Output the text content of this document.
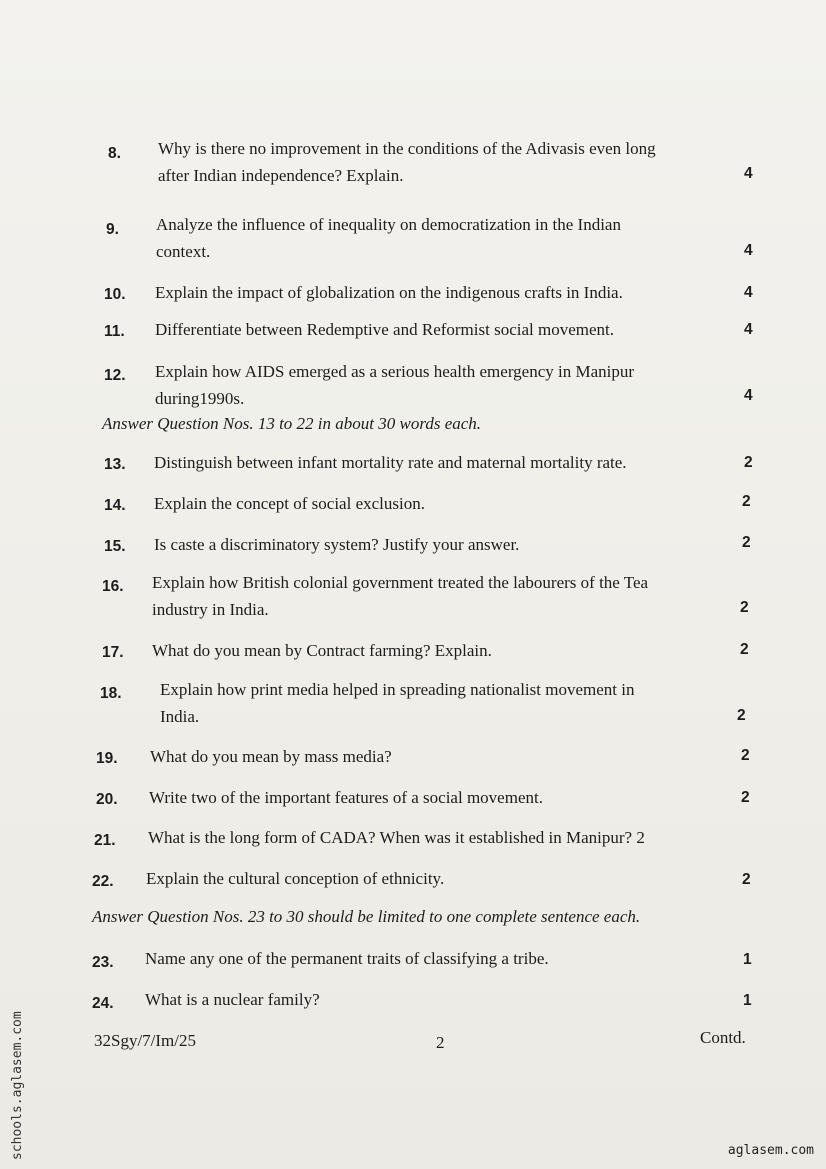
8. Why is there no improvement in the conditions of the Adivasis even long
after Indian independence? Explain.	4
9. Analyze the influence of inequality on democratization in the Indian
context.	4
10. Explain the impact of globalization on the indigenous crafts in India.	4
11. Differentiate between Redemptive and Reformist social movement.	4
12. Explain how AIDS emerged as a serious health emergency in Manipur
during1990s.	4
Answer Question Nos. 13 to 22 in about 30 words each.
13. Distinguish between infant mortality rate and maternal mortality rate.	2
14. Explain the concept of social exclusion.	2
15. Is caste a discriminatory system? Justify your answer.	2
16. Explain how British colonial government treated the labourers of the Tea
industry in India.	2
17. What do you mean by Contract farming? Explain.	2
18. Explain how print media helped in spreading nationalist movement in
India.	2
19. What do you mean by mass media?	2
20. Write two of the important features of a social movement.	2
21. What is the long form of CADA? When was it established in Manipur? 2
22. Explain the cultural conception of ethnicity.	2
Answer Question Nos. 23 to 30 should be limited to one complete sentence each.
23. Name any one of the permanent traits of classifying a tribe.	1
24. What is a nuclear family?	1
32Sgy/7/Im/25	2	Contd.
schools.aglasem.com	aglasem.com
